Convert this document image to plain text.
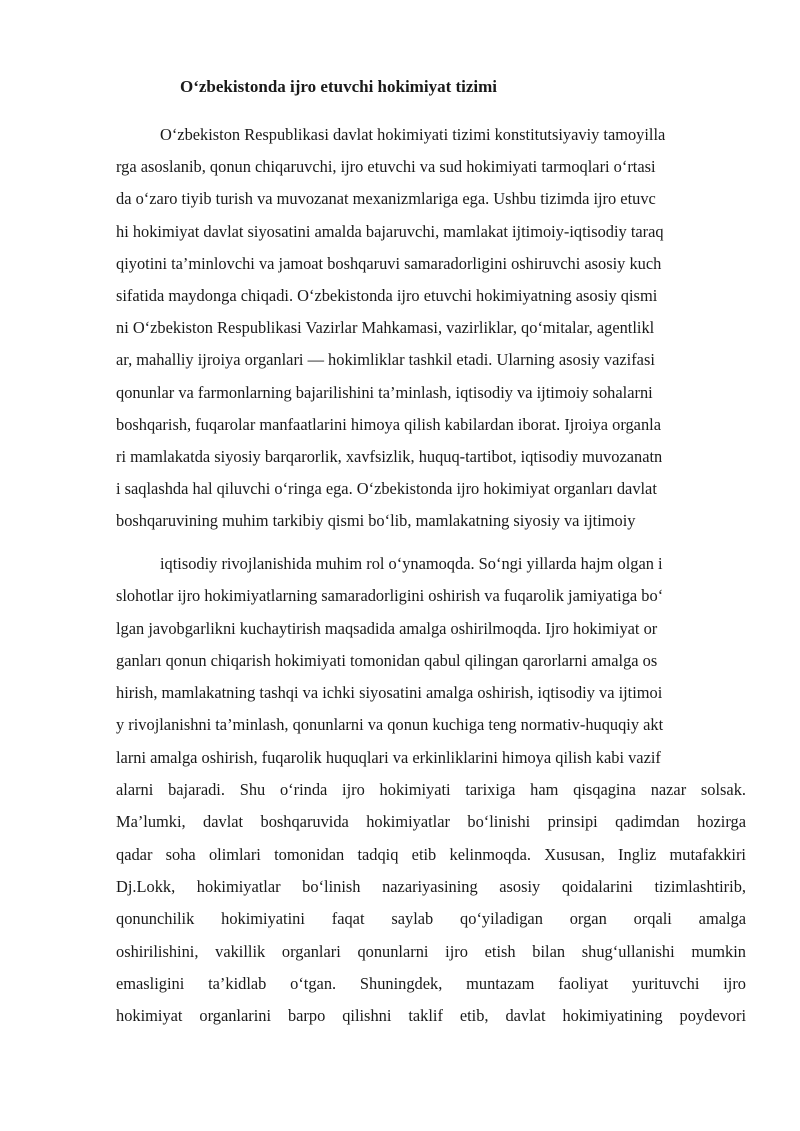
O‘zbekistonda ijro etuvchi hokimiyat tizimi
O‘zbekiston Respublikasi davlat hokimiyati tizimi konstitutsiyaviy tamoyilla
rga asoslanib, qonun chiqaruvchi, ijro etuvchi va sud hokimiyati tarmoqlari o‘rtasi
da o‘zaro tiyib turish va muvozanat mexanizmlariga ega. Ushbu tizimda ijro etuvc
hi hokimiyat davlat siyosatini amalda bajaruvchi, mamlakat ijtimoiy-iqtisodiy taraq
qiyotini ta’minlovchi va jamoat boshqaruvi samaradorligini oshiruvchi asosiy kuch
sifatida maydonga chiqadi. O‘zbekistonda ijro etuvchi hokimiyatning asosiy qismi
ni O‘zbekiston Respublikasi Vazirlar Mahkamasi, vazirliklar, qo‘mitalar, agentlikl
ar, mahalliy ijroiya organlari — hokimliklar tashkil etadi. Ularning asosiy vazifasi
qonunlar va farmonlarning bajarilishini ta’minlash, iqtisodiy va ijtimoiy sohalarni
boshqarish, fuqarolar manfaatlarini himoya qilish kabilardan iborat. Ijroiya organla
ri mamlakatda siyosiy barqarorlik, xavfsizlik, huquq-tartibot, iqtisodiy muvozanatn
i saqlashda hal qiluvchi o‘ringa ega. O‘zbekistonda ijro hokimiyat organları davlat
boshqaruvining muhim tarkibiy qismi bo‘lib, mamlakatning siyosiy va ijtimoiy
iqtisodiy rivojlanishida muhim rol o‘ynamoqda. So‘ngi yillarda hajm olgan i
slohotlar ijro hokimiyatlarning samaradorligini oshirish va fuqarolik jamiyatiga bo‘
lgan javobgarlikni kuchaytirish maqsadida amalga oshirilmoqda. Ijro hokimiyat or
ganları qonun chiqarish hokimiyati tomonidan qabul qilingan qarorlarni amalga os
hirish, mamlakatning tashqi va ichki siyosatini amalga oshirish, iqtisodiy va ijtimoi
y rivojlanishni ta’minlash, qonunlarni va qonun kuchiga teng normativ-huquqiy akt
larni amalga oshirish, fuqarolik huquqlari va erkinliklarini himoya qilish kabi vazif
alarni bajaradi. Shu o‘rinda ijro hokimiyati tarixiga ham qisqagina nazar solsak.
Ma’lumki, davlat boshqaruvida hokimiyatlar bo‘linishi prinsipi qadimdan hozirga
qadar soha olimlari tomonidan tadqiq etib kelinmoqda. Xususan, Ingliz mutafakkiri
Dj.Lokk, hokimiyatlar bo‘linish nazariyasining asosiy qoidalarini tizimlashtirib,
qonunchilik hokimiyatini faqat saylab qo‘yiladigan organ orqali amalga
oshirilishini, vakillik organlari qonunlarni ijro etish bilan shug‘ullanishi mumkin
emasligini ta’kidlab o‘tgan. Shuningdek, muntazam faoliyat yurituvchi ijro
hokimiyat organlarini barpo qilishni taklif etib, davlat hokimiyatining poydevori
